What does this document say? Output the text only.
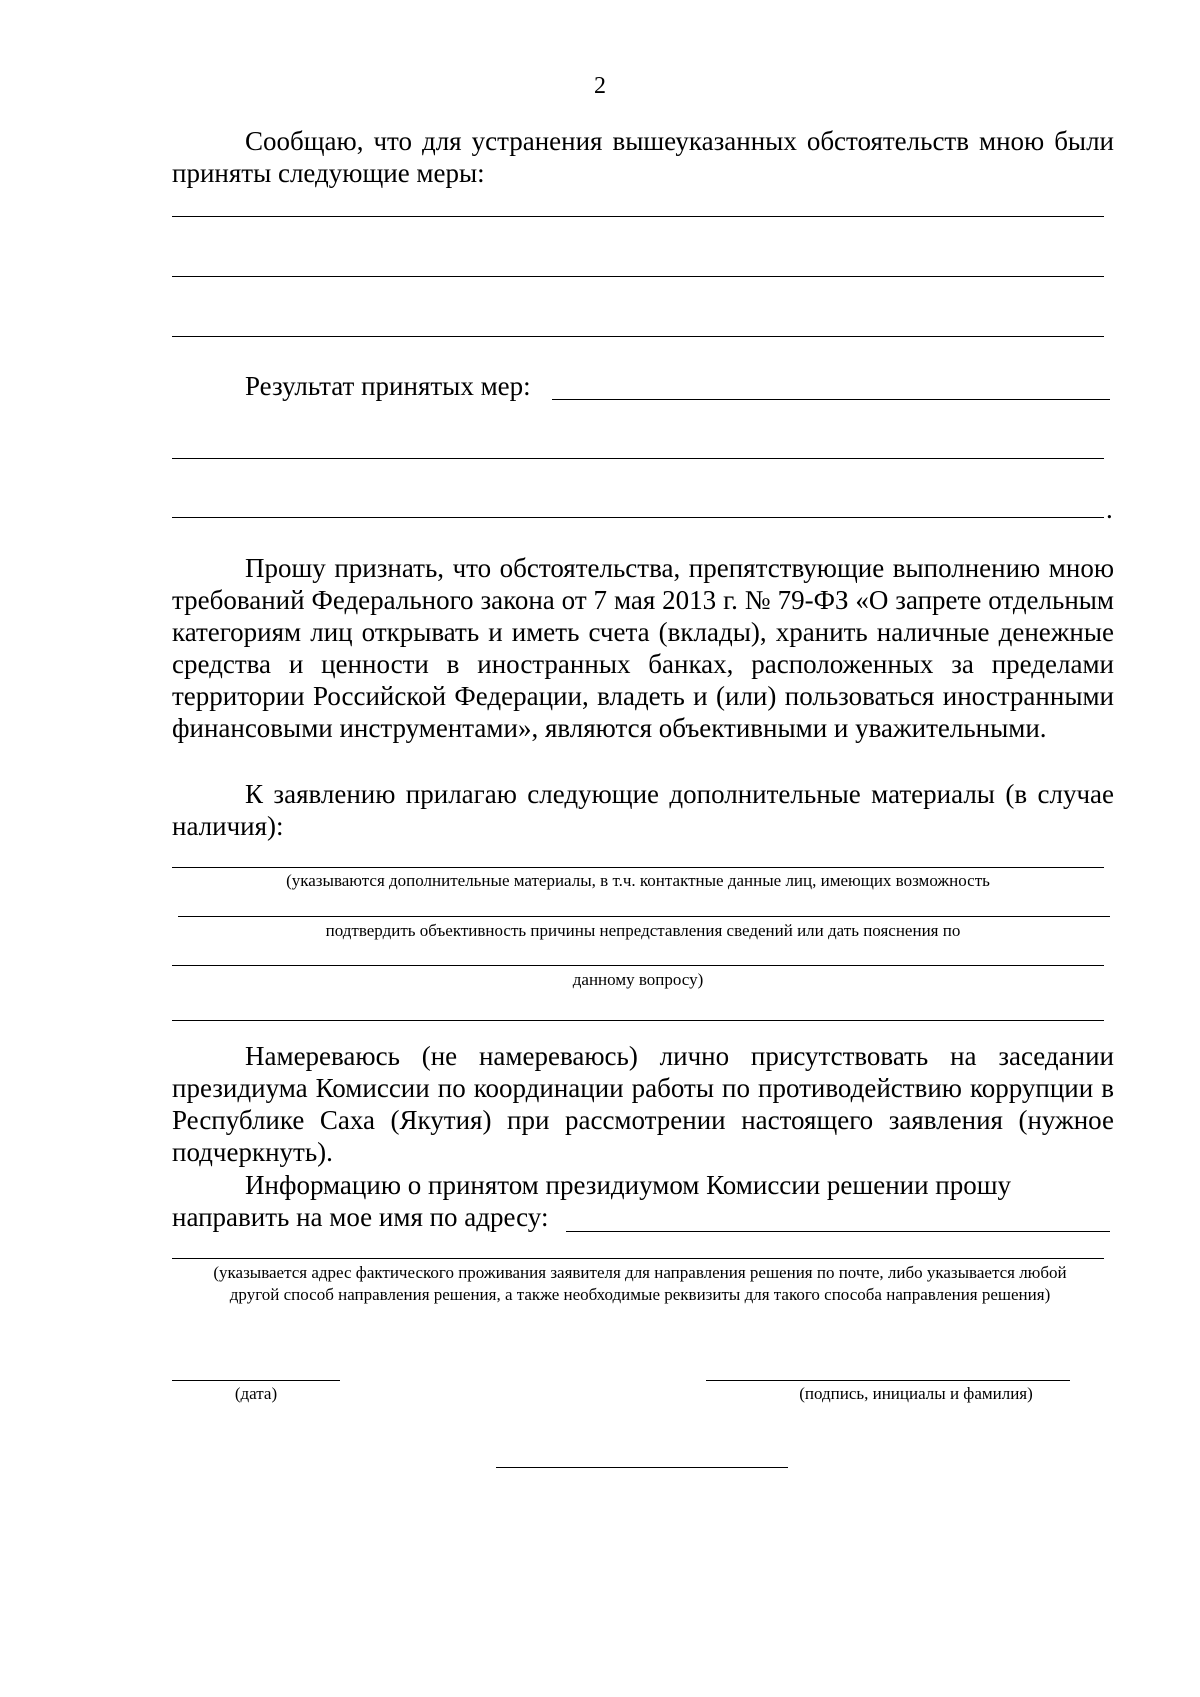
2
Сообщаю, что для устранения вышеуказанных обстоятельств мною были приняты следующие меры:
Результат принятых мер:
.
Прошу признать, что обстоятельства, препятствующие выполнению мною требований Федерального закона от 7 мая 2013 г. № 79-ФЗ «О запрете отдельным категориям лиц открывать и иметь счета (вклады), хранить наличные денежные средства и ценности в иностранных банках, расположенных за пределами территории Российской Федерации, владеть и (или) пользоваться иностранными финансовыми инструментами», являются объективными и уважительными.
К заявлению прилагаю следующие дополнительные материалы (в случае наличия):
(указываются дополнительные материалы, в т.ч. контактные данные лиц, имеющих возможность
подтвердить объективность причины непредставления сведений или дать пояснения по
данному вопросу)
Намереваюсь (не намереваюсь) лично присутствовать на заседании президиума Комиссии по координации работы по противодействию коррупции в Республике Саха (Якутия) при рассмотрении настоящего заявления (нужное подчеркнуть).
Информацию о принятом президиумом Комиссии решении прошу
направить на мое имя по адресу:
(указывается адрес фактического проживания заявителя для направления решения по почте, либо указывается любой другой способ направления решения, а также необходимые реквизиты для такого способа направления решения)
(дата)	(подпись, инициалы и фамилия)
